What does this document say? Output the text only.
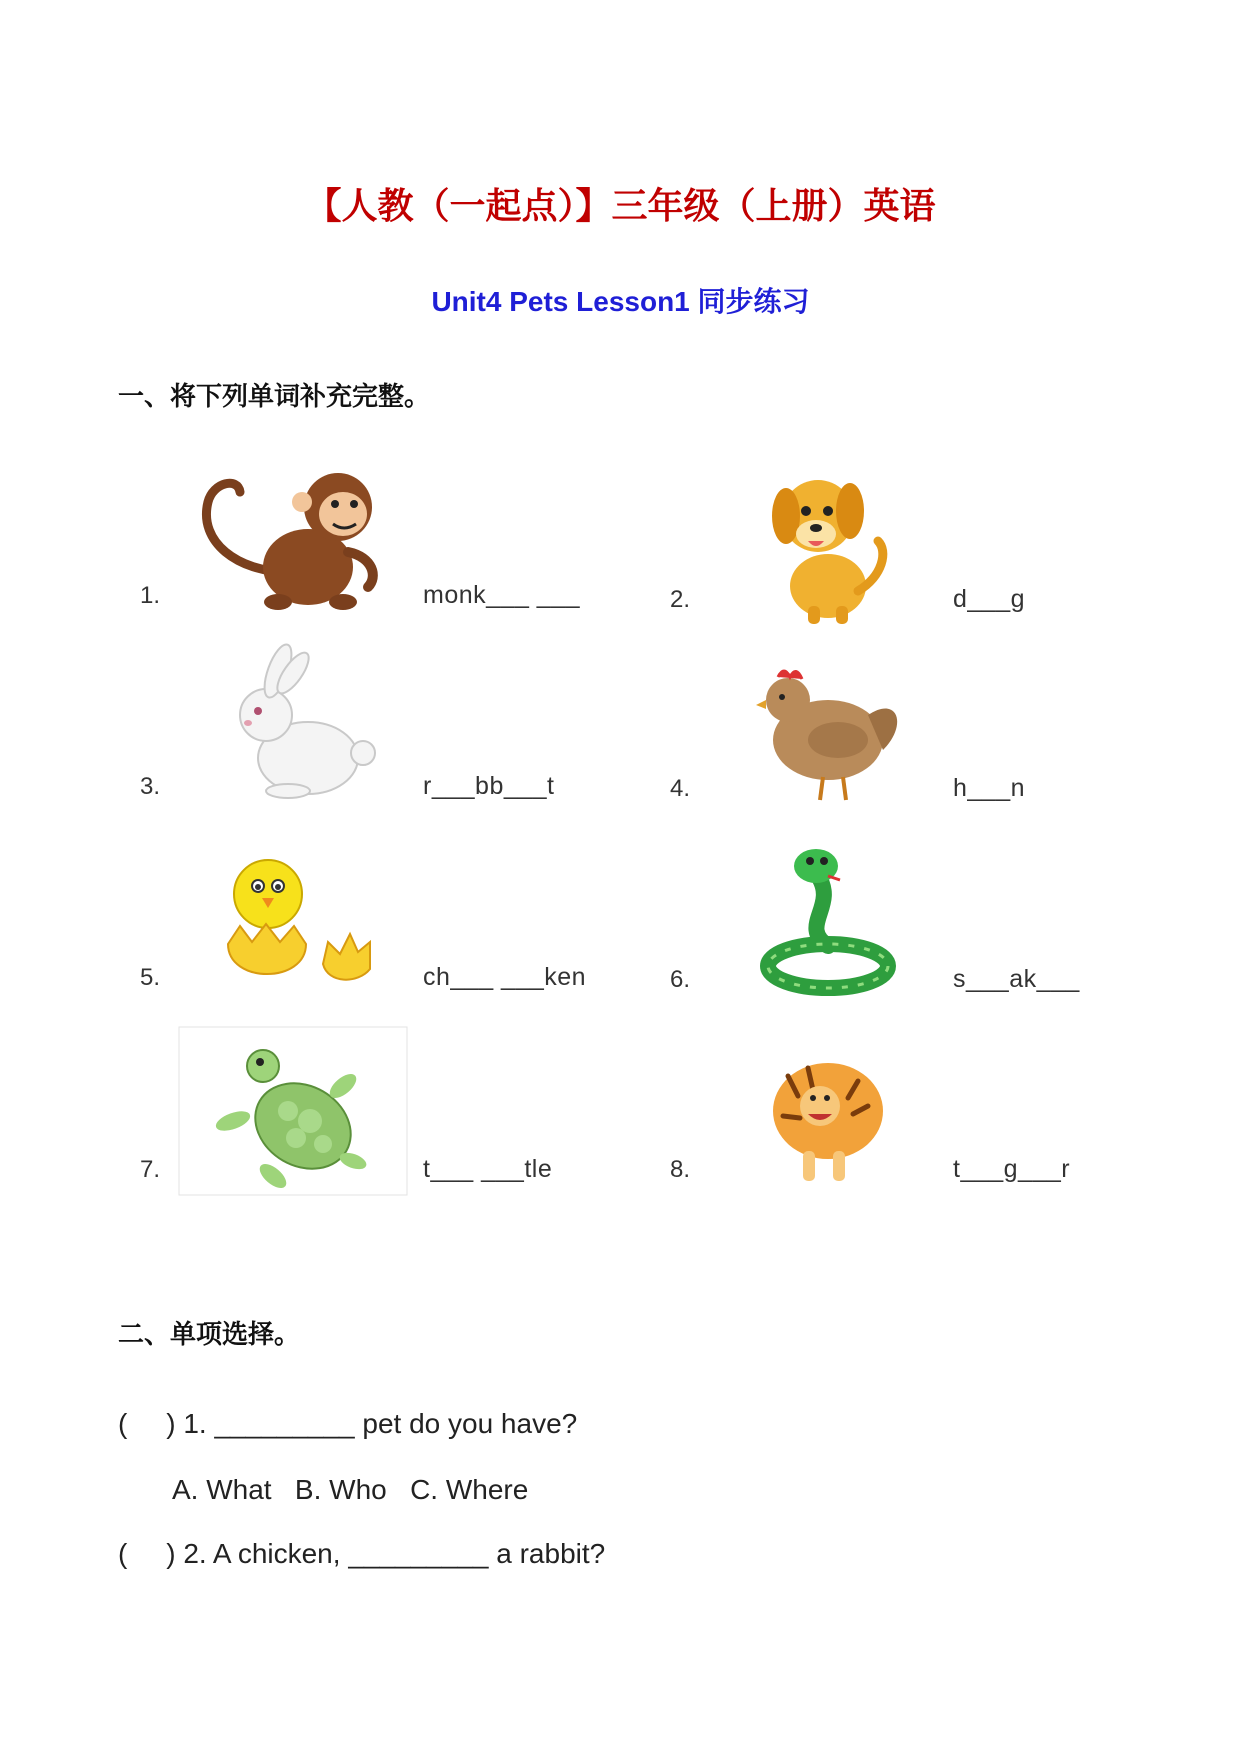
【人教（一起点）】三年级（上册）英语
Unit4 Pets Lesson1 同步练习
一、将下列单词补充完整。
1.	monk___ ___	2.	d___g
3.	r___bb___t	4.	h___n
5.	ch___ ___ken	6.	s___ak___
7.	t___ ___tle	8.	t___g___r
二、单项选择。

(     ) 1. _________ pet do you have?

A. What   B. Who   C. Where

(     ) 2. A chicken, _________ a rabbit?
